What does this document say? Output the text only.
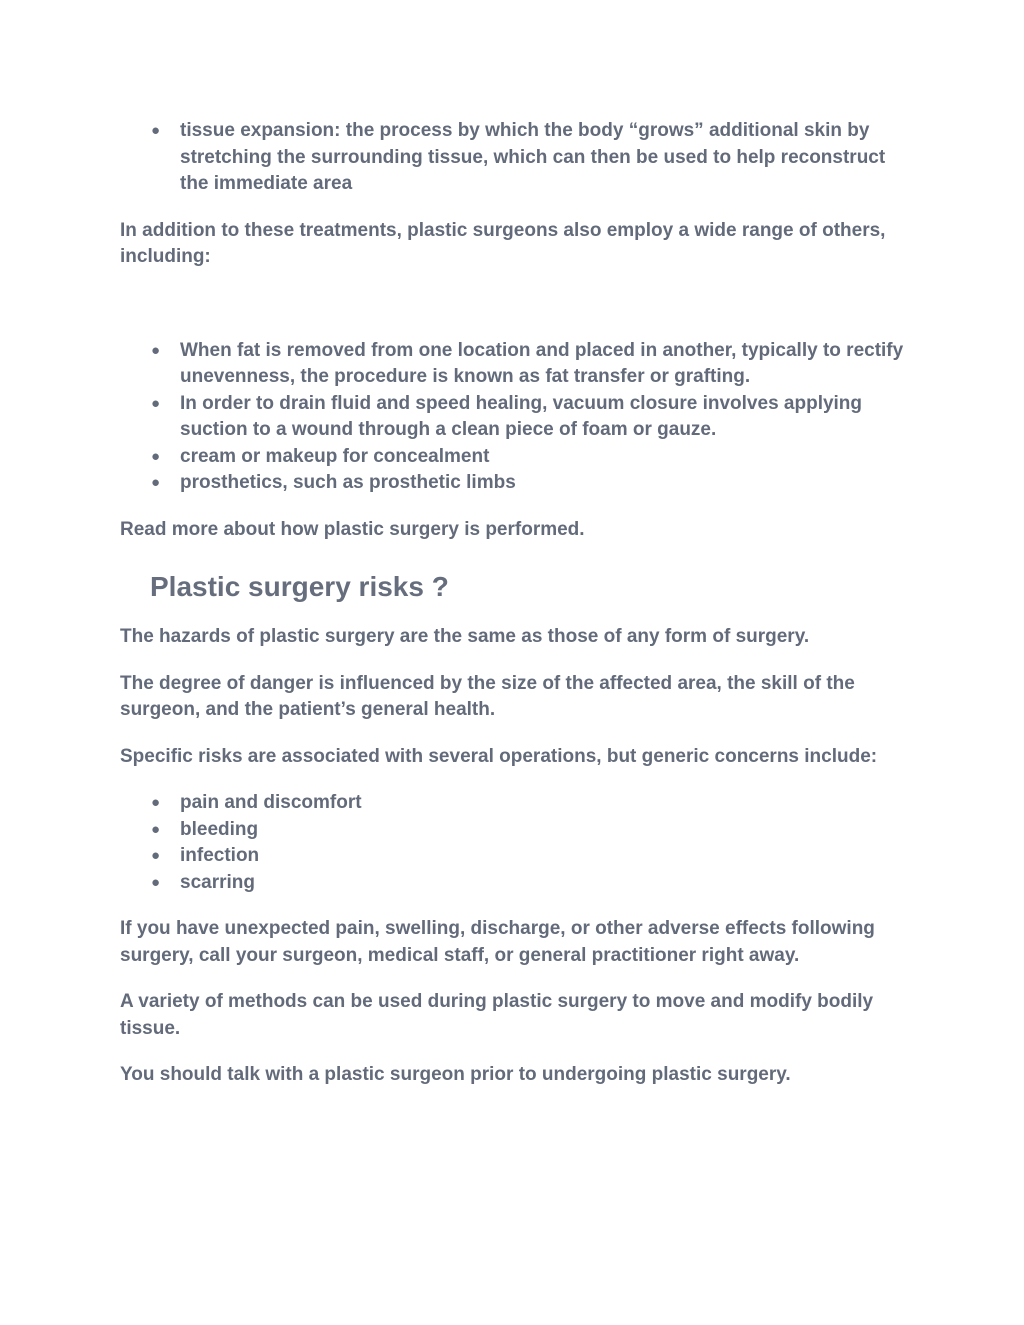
● tissue expansion: the process by which the body “grows” additional skin by stretching the surrounding tissue, which can then be used to help reconstruct the immediate area

In addition to these treatments, plastic surgeons also employ a wide range of others, including:

● When fat is removed from one location and placed in another, typically to rectify unevenness, the procedure is known as fat transfer or grafting.
● In order to drain fluid and speed healing, vacuum closure involves applying suction to a wound through a clean piece of foam or gauze.
● cream or makeup for concealment
● prosthetics, such as prosthetic limbs

Read more about how plastic surgery is performed.

Plastic surgery risks ?

The hazards of plastic surgery are the same as those of any form of surgery.

The degree of danger is influenced by the size of the affected area, the skill of the surgeon, and the patient’s general health.

Specific risks are associated with several operations, but generic concerns include:

● pain and discomfort
● bleeding
● infection
● scarring

If you have unexpected pain, swelling, discharge, or other adverse effects following surgery, call your surgeon, medical staff, or general practitioner right away.

A variety of methods can be used during plastic surgery to move and modify bodily tissue.

You should talk with a plastic surgeon prior to undergoing plastic surgery.
